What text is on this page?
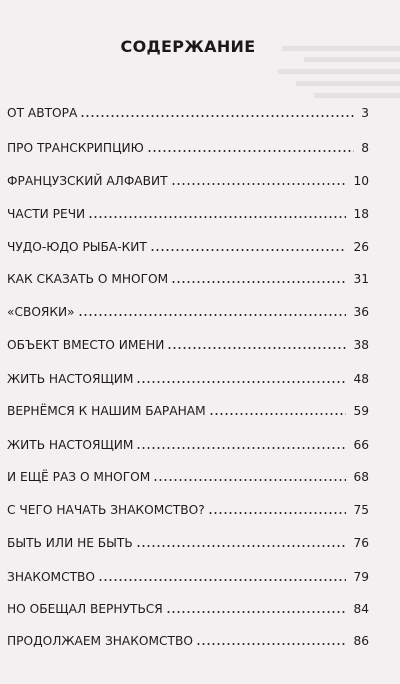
СОДЕРЖАНИЕ
ОТ АВТОРА	3
ПРО ТРАНСКРИПЦИЮ	8
ФРАНЦУЗСКИЙ АЛФАВИТ	10
ЧАСТИ РЕЧИ	18
ЧУДО-ЮДО РЫБА-КИТ	26
КАК СКАЗАТЬ О МНОГОМ	31
«СВОЯКИ»	36
ОБЪЕКТ ВМЕСТО ИМЕНИ	38
ЖИТЬ НАСТОЯЩИМ	48
ВЕРНЁМСЯ К НАШИМ БАРАНАМ	59
ЖИТЬ НАСТОЯЩИМ	66
И ЕЩЁ РАЗ О МНОГОМ	68
С ЧЕГО НАЧАТЬ ЗНАКОМСТВО?	75
БЫТЬ ИЛИ НЕ БЫТЬ	76
ЗНАКОМСТВО	79
НО ОБЕЩАЛ ВЕРНУТЬСЯ	84
ПРОДОЛЖАЕМ ЗНАКОМСТВО	86
